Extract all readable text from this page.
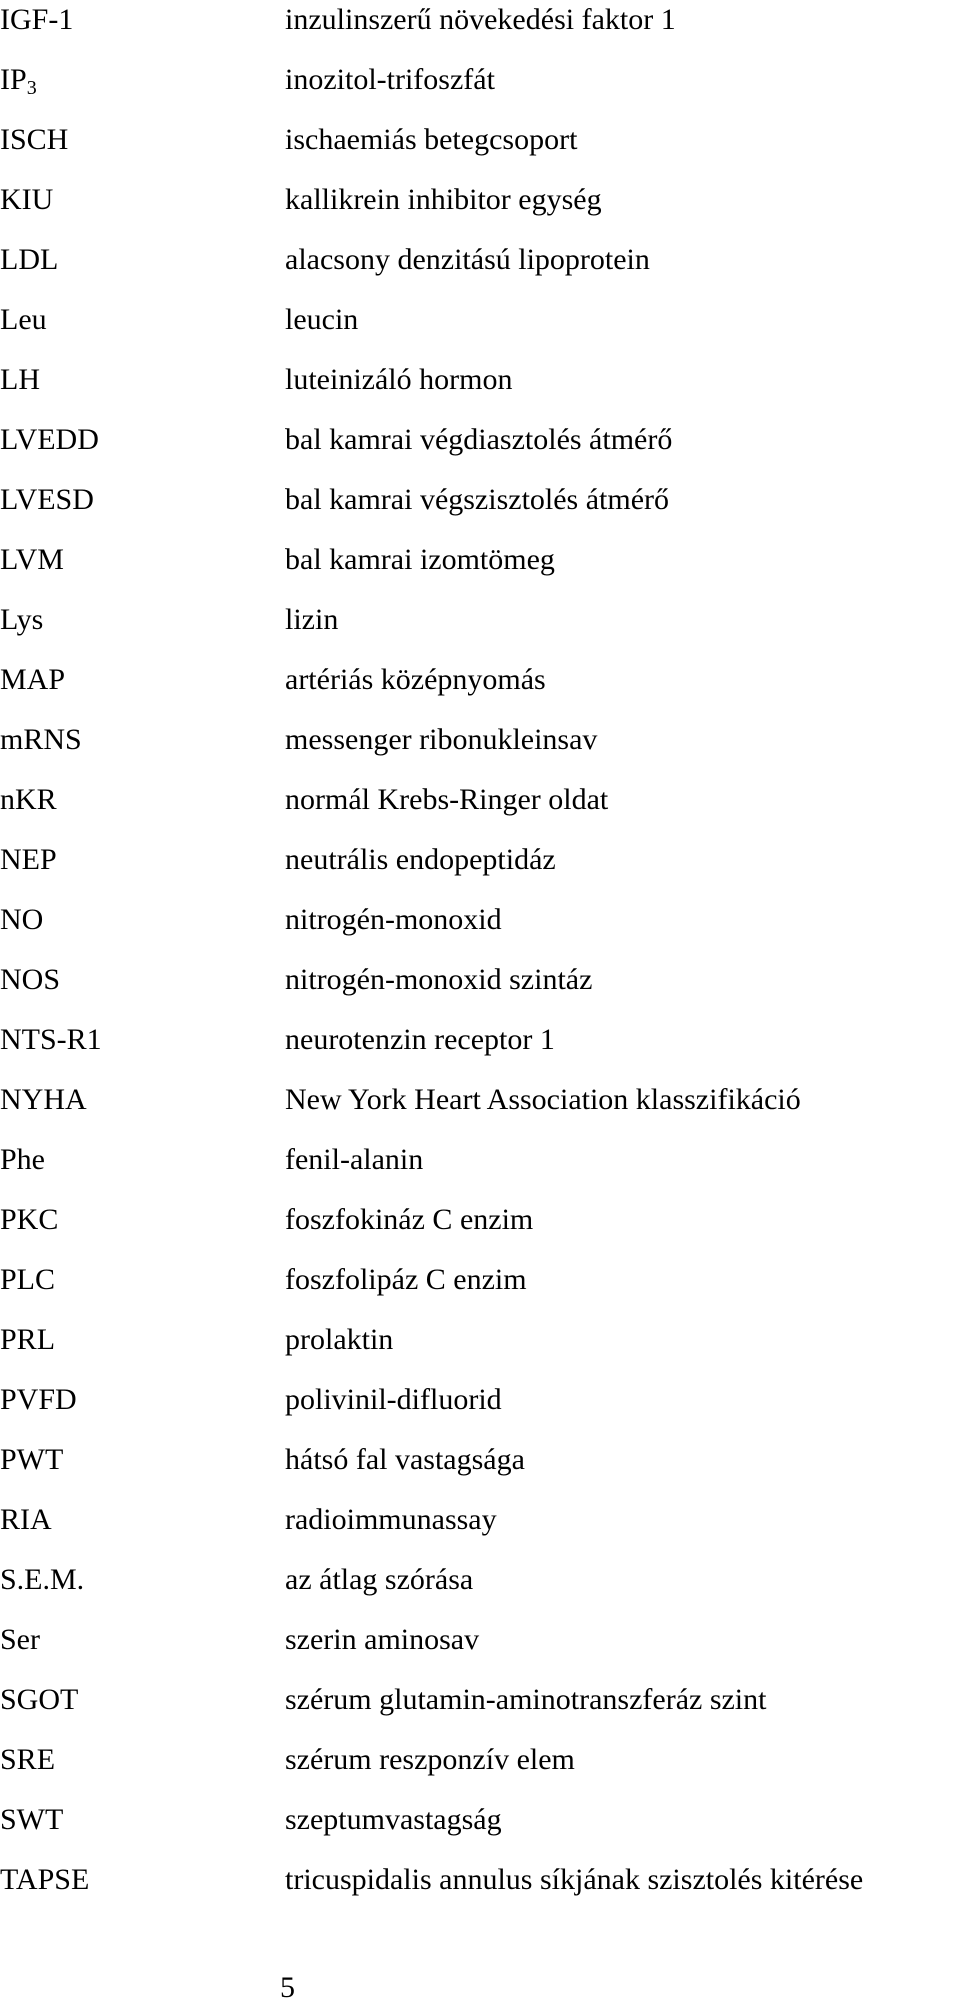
IGF-1	inzulinszerű növekedési faktor 1
$IP_3$	inozitol-trifoszfát
ISCH	ischaemiás betegcsoport
KIU	kallikrein inhibitor egység
LDL	alacsony denzitású lipoprotein
Leu	leucin
LH	luteinizáló hormon
LVEDD	bal kamrai végdiasztolés átmérő
LVESD	bal kamrai végszisztolés átmérő
LVM	bal kamrai izomtömeg
Lys	lizin
MAP	artériás középnyomás
mRNS	messenger ribonukleinsav
nKR	normál Krebs-Ringer oldat
NEP	neutrális endopeptidáz
NO	nitrogén-monoxid
NOS	nitrogén-monoxid szintáz
NTS-R1	neurotenzin receptor 1
NYHA	New York Heart Association klasszifikáció
Phe	fenil-alanin
PKC	foszfokináz C enzim
PLC	foszfolipáz C enzim
PRL	prolaktin
PVFD	polivinil-difluorid
PWT	hátsó fal vastagsága
RIA	radioimmunassay
S.E.M.	az átlag szórása
Ser	szerin aminosav
SGOT	szérum glutamin-aminotranszferáz szint
SRE	szérum reszponzív elem
SWT	szeptumvastagság
TAPSE	tricuspidalis annulus síkjának szisztolés kitérése
5
